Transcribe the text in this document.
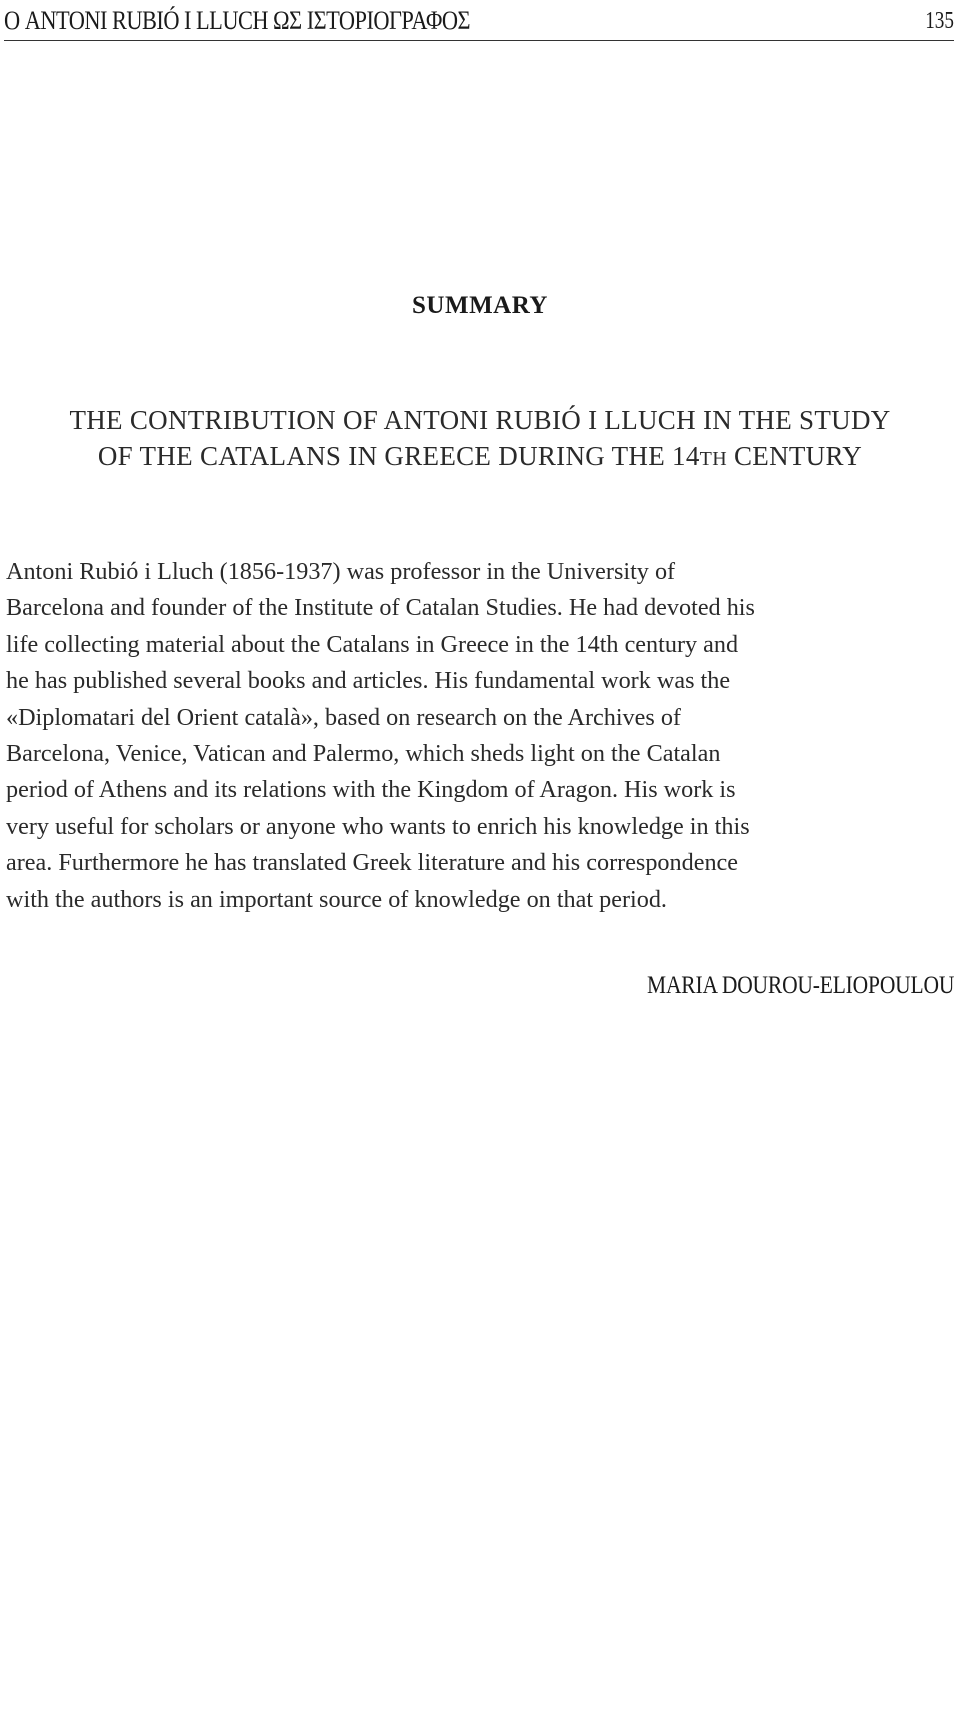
Ο ANTONI RUBIÓ I LLUCH ΩΣ ΙΣΤΟΡΙΟΓΡΑΦΟΣ	135
SUMMARY
THE CONTRIBUTION OF ANTONI RUBIÓ I LLUCH IN THE STUDY
OF THE CATALANS IN GREECE DURING THE 14TH CENTURY

Antoni Rubió i Lluch (1856-1937) was professor in the University of
Barcelona and founder of the Institute of Catalan Studies. He had devoted his
life collecting material about the Catalans in Greece in the 14th century and
he has published several books and articles. His fundamental work was the
«Diplomatari del Orient català», based on research on the Archives of
Barcelona, Venice, Vatican and Palermo, which sheds light on the Catalan
period of Athens and its relations with the Kingdom of Aragon. His work is
very useful for scholars or anyone who wants to enrich his knowledge in this
area. Furthermore he has translated Greek literature and his correspondence
with the authors is an important source of knowledge on that period.

MARIA DOUROU-ELIOPOULOU
